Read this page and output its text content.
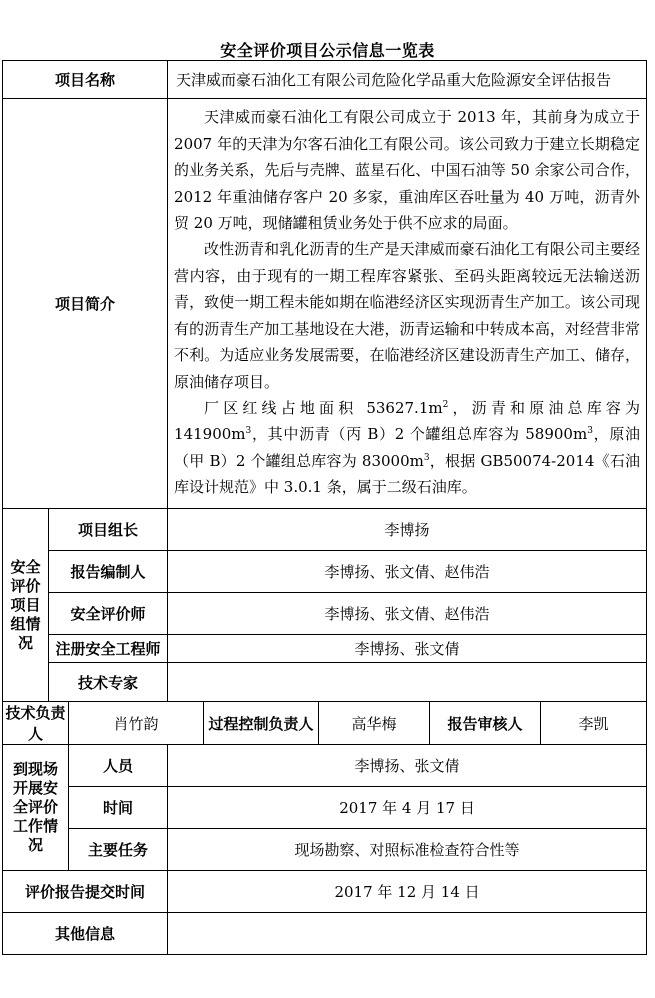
安全评价项目公示信息一览表
项目名称			天津威而豪石油化工有限公司危险化学品重大危险源安全评估报告				
项目简介			天津威而豪石油化工有限公司成立于 2013 年，其前身为成立于 2007 年的天津为尔客石油化工有限公司。该公司致力于建立长期稳定的业务关系，先后与壳牌、蓝星石化、中国石油等 50 余家公司合作，2012 年重油储存客户 20 多家，重油库区吞吐量为 40 万吨，沥青外贸 20 万吨，现储罐租赁业务处于供不应求的局面。

改性沥青和乳化沥青的生产是天津威而豪石油化工有限公司主要经营内容，由于现有的一期工程库容紧张、至码头距离较远无法输送沥青，致使一期工程未能如期在临港经济区实现沥青生产加工。该公司现有的沥青生产加工基地设在大港，沥青运输和中转成本高，对经营非常不利。为适应业务发展需要，在临港经济区建设沥青生产加工、储存，原油储存项目。

厂区红线占地面积 $53627.1m^2$，沥青和原油总库容为 $141900m^3$，其中沥青（丙 B）2 个罐组总库容为 $58900m^3$，原油（甲 B）2 个罐组总库容为 $83000m^3$，根据 GB50074-2014《石油库设计规范》中 3.0.1 条，属于二级石油库。				

安全
评价
项目
组情
况	项目组长		李博扬				
	报告编制人		李博扬、张文倩、赵伟浩				
	安全评价师		李博扬、张文倩、赵伟浩				
	注册安全工程师		李博扬、张文倩				
	技术专家						
技术负责人		肖竹韵		过程控制负责人	高华梅	报告审核人	李凯

到现场
开展安
全评价
工作情
况		人员	李博扬、张文倩				
		时间	2017 年 4 月 17 日				
		主要任务	现场勘察、对照标准检查符合性等				
评价报告提交时间			2017 年 12 月 14 日				
其他信息							
